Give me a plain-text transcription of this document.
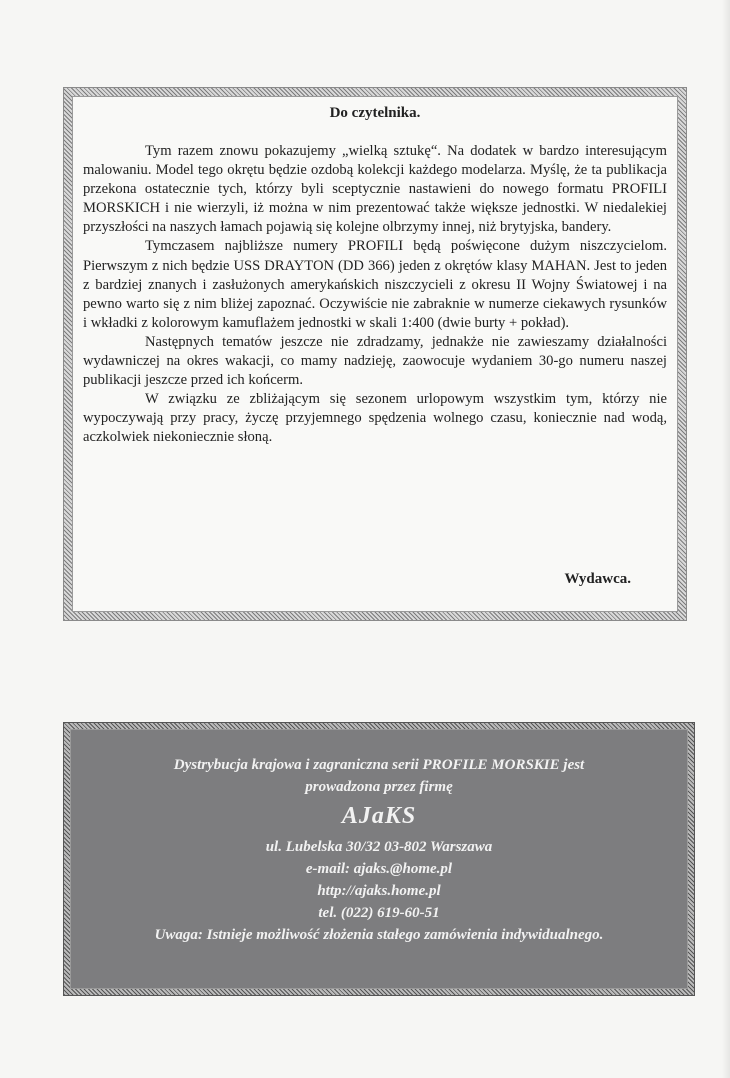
Do czytelnika.

Tym razem znowu pokazujemy „wielką sztukę“. Na dodatek w bardzo interesującym malowaniu. Model tego okrętu będzie ozdobą kolekcji każdego modelarza. Myślę, że ta publikacja przekona ostatecznie tych, którzy byli sceptycznie nastawieni do nowego formatu PROFILI MORSKICH i nie wierzyli, iż można w nim prezentować także większe jednostki. W niedalekiej przyszłości na naszych łamach pojawią się kolejne olbrzymy innej, niż brytyjska, bandery.

Tymczasem najbliższe numery PROFILI będą poświęcone dużym niszczycielom. Pierwszym z nich będzie USS DRAYTON (DD 366) jeden z okrętów klasy MAHAN. Jest to jeden z bardziej znanych i zasłużonych amerykańskich niszczycieli z okresu II Wojny Światowej i na pewno warto się z nim bliżej zapoznać. Oczywiście nie zabraknie w numerze ciekawych rysunków i wkładki z kolorowym kamuflażem jednostki w skali 1:400 (dwie burty + pokład).

Następnych tematów jeszcze nie zdradzamy, jednakże nie zawieszamy działalności wydawniczej na okres wakacji, co mamy nadzieję, zaowocuje wydaniem 30-go numeru naszej publikacji jeszcze przed ich końcerm.

W związku ze zbliżającym się sezonem urlopowym wszystkim tym, którzy nie wypoczywają przy pracy, życzę przyjemnego spędzenia wolnego czasu, koniecznie nad wodą, aczkolwiek niekoniecznie słoną.

Wydawca.
Dystrybucja krajowa i zagraniczna serii PROFILE MORSKIE jest
prowadzona przez firmę
AJaKS
ul. Lubelska 30/32 03-802 Warszawa
e-mail: ajaks.@home.pl
http://ajaks.home.pl
tel. (022) 619-60-51
Uwaga: Istnieje możliwość złożenia stałego zamówienia indywidualnego.
